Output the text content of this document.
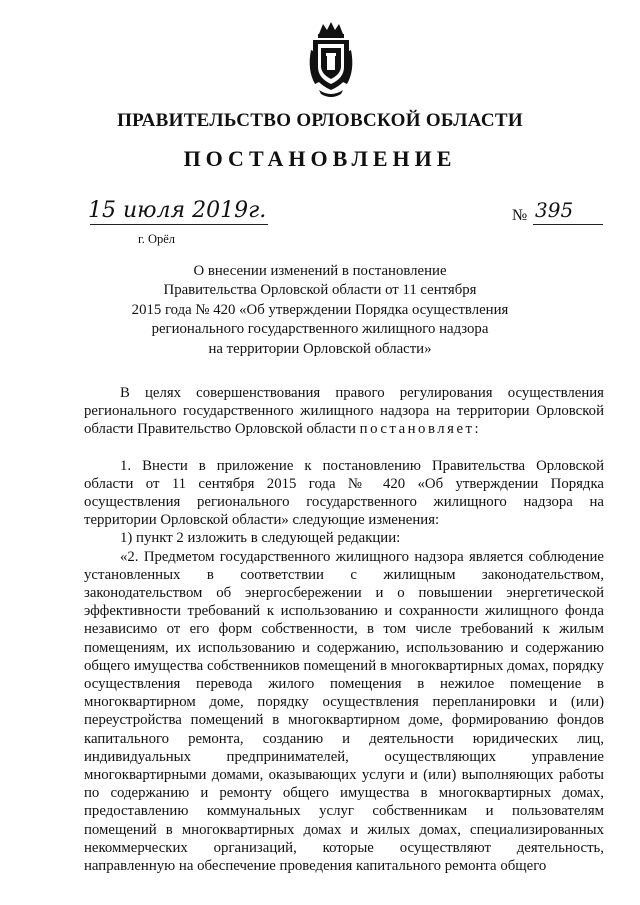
ПРАВИТЕЛЬСТВО ОРЛОВСКОЙ ОБЛАСТИ
ПОСТАНОВЛЕНИЕ
15 июля 2019г.	№ 395
г. Орёл
О внесении изменений в постановление
Правительства Орловской области от 11 сентября
2015 года № 420 «Об утверждении Порядка осуществления
регионального государственного жилищного надзора
на территории Орловской области»

В целях совершенствования правого регулирования осуществления регионального государственного жилищного надзора на территории Орловской области Правительство Орловской области постановляет:

1. Внести в приложение к постановлению Правительства Орловской области от 11 сентября 2015 года № 420 «Об утверждении Порядка осуществления регионального государственного жилищного надзора на территории Орловской области» следующие изменения:

1) пункт 2 изложить в следующей редакции:

«2. Предметом государственного жилищного надзора является соблюдение установленных в соответствии с жилищным законодательством, законодательством об энергосбережении и о повышении энергетической эффективности требований к использованию и сохранности жилищного фонда независимо от его форм собственности, в том числе требований к жилым помещениям, их использованию и содержанию, использованию и содержанию общего имущества собственников помещений в многоквартирных домах, порядку осуществления перевода жилого помещения в нежилое помещение в многоквартирном доме, порядку осуществления перепланировки и (или) переустройства помещений в многоквартирном доме, формированию фондов капитального ремонта, созданию и деятельности юридических лиц, индивидуальных предпринимателей, осуществляющих управление многоквартирными домами, оказывающих услуги и (или) выполняющих работы по содержанию и ремонту общего имущества в многоквартирных домах, предоставлению коммунальных услуг собственникам и пользователям помещений в многоквартирных домах и жилых домах, специализированных некоммерческих организаций, которые осуществляют деятельность, направленную на обеспечение проведения капитального ремонта общего
